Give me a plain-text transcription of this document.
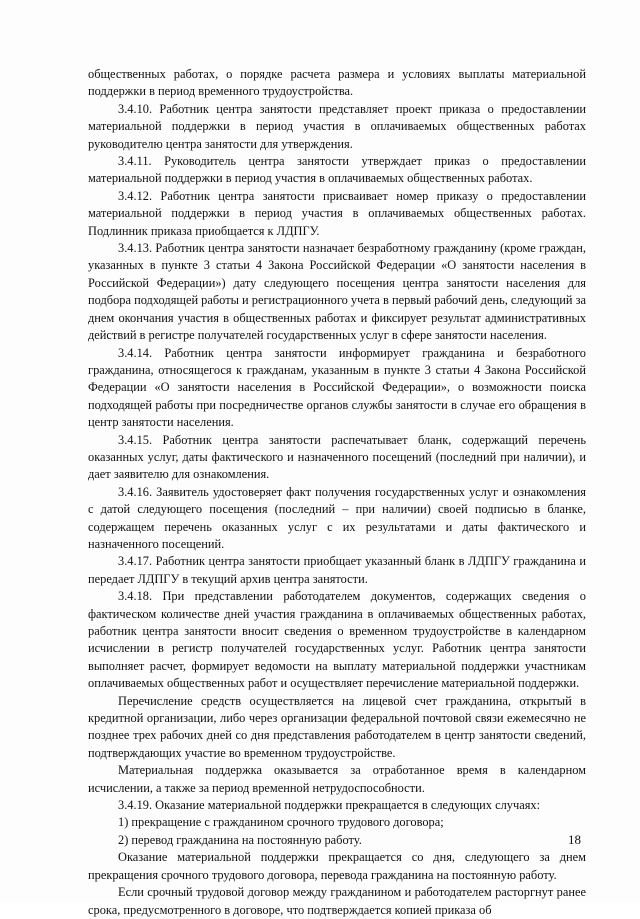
общественных работах, о порядке расчета размера и условиях выплаты материальной поддержки в период временного трудоустройства.

3.4.10. Работник центра занятости представляет проект приказа о предоставлении материальной поддержки в период участия в оплачиваемых общественных работах руководителю центра занятости для утверждения.

3.4.11. Руководитель центра занятости утверждает приказ о предоставлении материальной поддержки в период участия в оплачиваемых общественных работах.

3.4.12. Работник центра занятости присваивает номер приказу о предоставлении материальной поддержки в период участия в оплачиваемых общественных работах. Подлинник приказа приобщается к ЛДПГУ.

3.4.13. Работник центра занятости назначает безработному гражданину (кроме граждан, указанных в пункте 3 статьи 4 Закона Российской Федерации «О занятости населения в Российской Федерации») дату следующего посещения центра занятости населения для подбора подходящей работы и регистрационного учета в первый рабочий день, следующий за днем окончания участия в общественных работах и фиксирует результат административных действий в регистре получателей государственных услуг в сфере занятости населения.

3.4.14. Работник центра занятости информирует гражданина и безработного гражданина, относящегося к гражданам, указанным в пункте 3 статьи 4 Закона Российской Федерации «О занятости населения в Российской Федерации», о возможности поиска подходящей работы при посредничестве органов службы занятости в случае его обращения в центр занятости населения.

3.4.15. Работник центра занятости распечатывает бланк, содержащий перечень оказанных услуг, даты фактического и назначенного посещений (последний при наличии), и дает заявителю для ознакомления.

3.4.16. Заявитель удостоверяет факт получения государственных услуг и ознакомления с датой следующего посещения (последний – при наличии) своей подписью в бланке, содержащем перечень оказанных услуг с их результатами и даты фактического и назначенного посещений.

3.4.17. Работник центра занятости приобщает указанный бланк в ЛДПГУ гражданина и передает ЛДПГУ в текущий архив центра занятости.

3.4.18. При представлении работодателем документов, содержащих сведения о фактическом количестве дней участия гражданина в оплачиваемых общественных работах, работник центра занятости вносит сведения о временном трудоустройстве в календарном исчислении в регистр получателей государственных услуг. Работник центра занятости выполняет расчет, формирует ведомости на выплату материальной поддержки участникам оплачиваемых общественных работ и осуществляет перечисление материальной поддержки.

Перечисление средств осуществляется на лицевой счет гражданина, открытый в кредитной организации, либо через организации федеральной почтовой связи ежемесячно не позднее трех рабочих дней со дня представления работодателем в центр занятости сведений, подтверждающих участие во временном трудоустройстве.

Материальная поддержка оказывается за отработанное время в календарном исчислении, а также за период временной нетрудоспособности.

3.4.19. Оказание материальной поддержки прекращается в следующих случаях:

1) прекращение с гражданином срочного трудового договора;

2) перевод гражданина на постоянную работу.

Оказание материальной поддержки прекращается со дня, следующего за днем прекращения срочного трудового договора, перевода гражданина на постоянную работу.

Если срочный трудовой договор между гражданином и работодателем расторгнут ранее срока, предусмотренного в договоре, что подтверждается копией приказа об

18
